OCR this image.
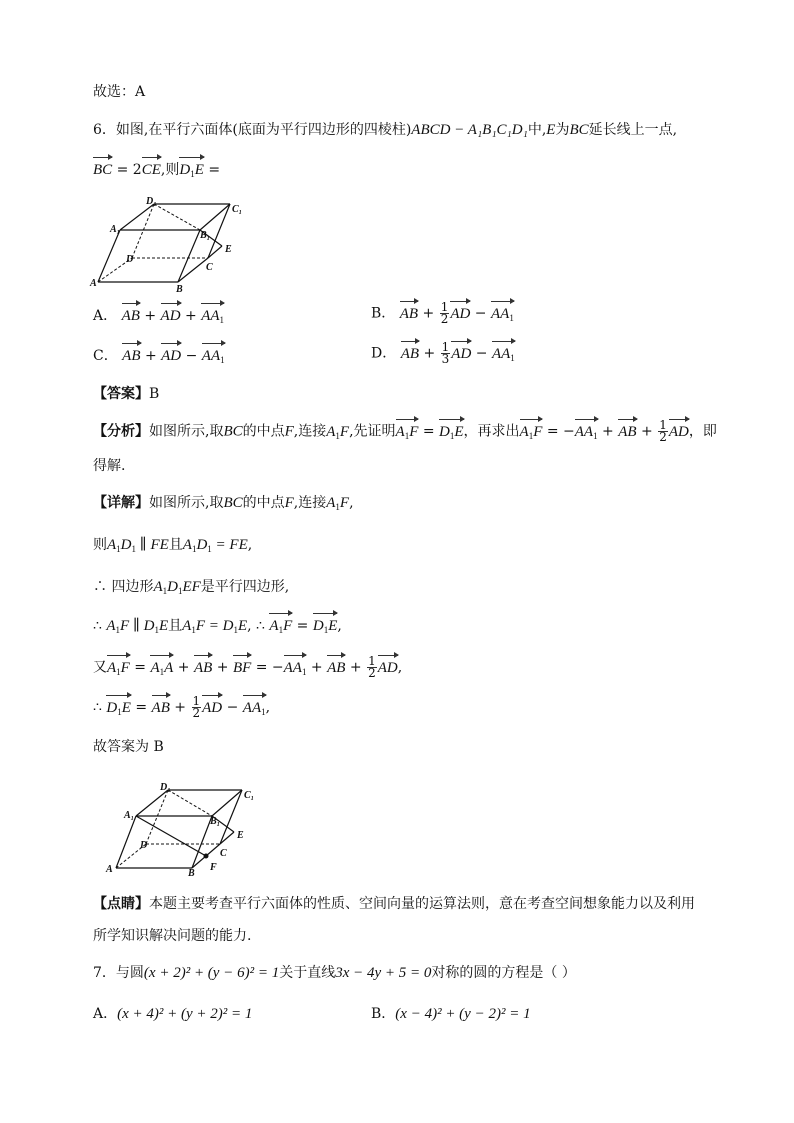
故选：A
6．如图,在平行六面体(底面为平行四边形的四棱柱)ABCD − A₁B₁C₁D₁中,E为BC延长线上一点,
BC = 2CE,则$D_1E$ =
D₁
C₁
A₁
B₁
E
D
C
A
B
A． AB + AD + $AA_1$	B． AB + $\frac{1}{2}$ AD − $AA_1$
C． AB + AD − $AA_1$	D． AB + $\frac{1}{3}$ AD − $AA_1$
【答案】B
【分析】如图所示,取BC的中点F,连接$A_1F$,先证明$A_1F = D_1E$，再求出$A_1F = -AA_1$ + AB + $\frac{1}{2}$ AD，即
得解.
【详解】如图所示,取BC的中点F,连接$A_1F$,
则$A_1D_1$ ∥ FE且$A_1D_1$ = FE,
∴ 四边形$A_1D_1EF$是平行四边形,
∴ $A_1F$ ∥ $D_1E$且$A_1F = D_1E$, ∴ $A_1F = D_1E$,
又$A_1F = A_1A$ + AB + BF = $-AA_1$ + AB + $\frac{1}{2}$ AD,
∴ $D_1E$ = AB + $\frac{1}{2}$ AD − $AA_1$,
故答案为 B
D₁
C₁
A₁
B₁
E
D
C
A	B
F
【点睛】本题主要考查平行六面体的性质、空间向量的运算法则，意在考查空间想象能力以及利用
所学知识解决问题的能力.
7．与圆(x + 2)² + (y − 6)² = 1关于直线3x − 4y + 5 = 0对称的圆的方程是（ ）
A．(x + 4)² + (y + 2)² = 1	B．(x − 4)² + (y − 2)² = 1
